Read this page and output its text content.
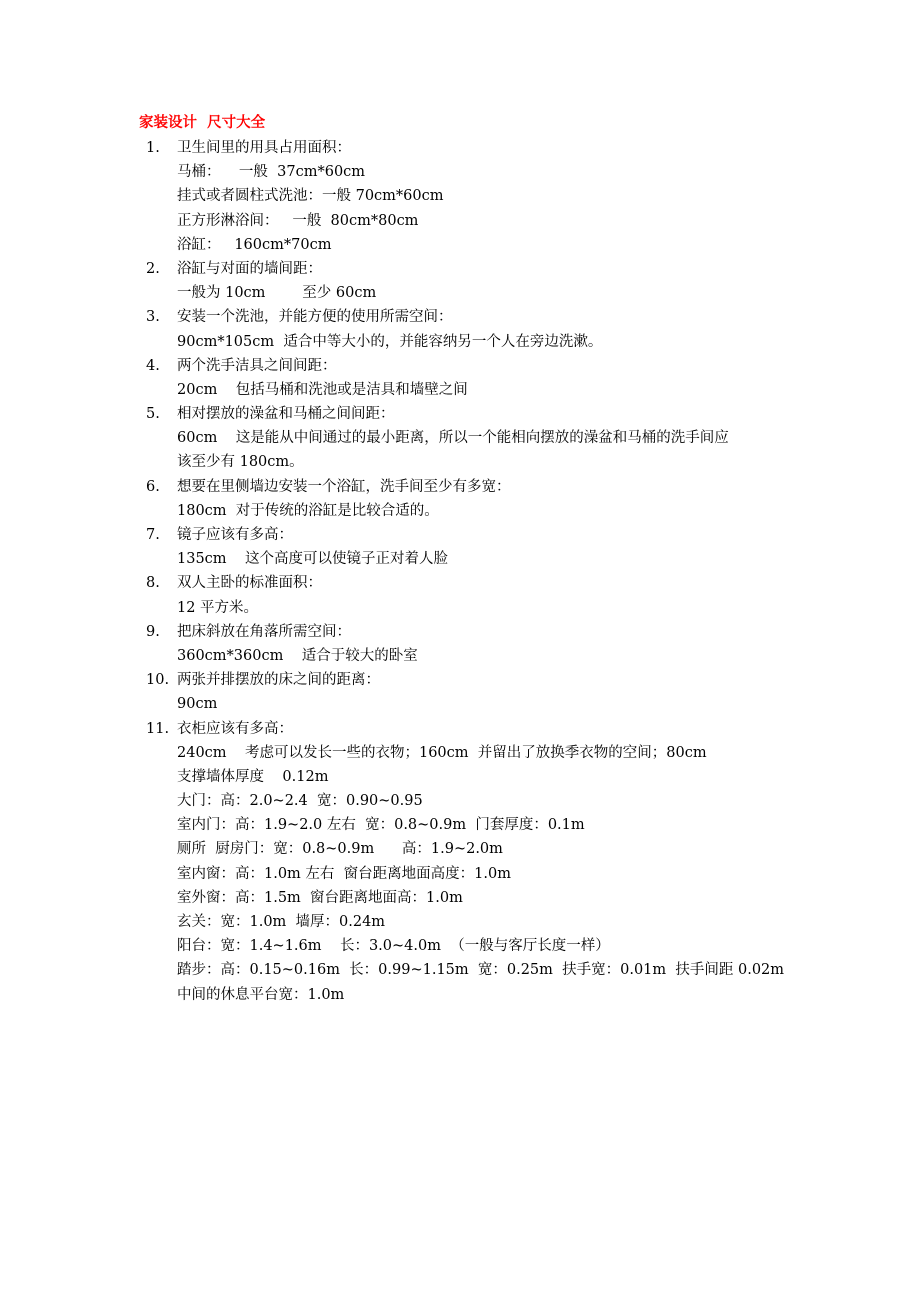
家装设计  尺寸大全
1.	卫生间里的用具占用面积：
马桶：    一般  37cm*60cm
挂式或者圆柱式洗池：一般 70cm*60cm
正方形淋浴间：   一般  80cm*80cm
浴缸：   160cm*70cm
2.	浴缸与对面的墙间距：
一般为 10cm        至少 60cm
3.	安装一个洗池，并能方便的使用所需空间：
90cm*105cm  适合中等大小的，并能容纳另一个人在旁边洗漱。
4.	两个洗手洁具之间间距：
20cm    包括马桶和洗池或是洁具和墙壁之间
5.	相对摆放的澡盆和马桶之间间距：
60cm    这是能从中间通过的最小距离，所以一个能相向摆放的澡盆和马桶的洗手间应
该至少有 180cm。
6.	想要在里侧墙边安装一个浴缸，洗手间至少有多宽：
180cm  对于传统的浴缸是比较合适的。
7.	镜子应该有多高：
135cm    这个高度可以使镜子正对着人脸
8.	双人主卧的标准面积：
12 平方米。
9.	把床斜放在角落所需空间：
360cm*360cm    适合于较大的卧室
10. 两张并排摆放的床之间的距离：
90cm
11. 衣柜应该有多高：
240cm    考虑可以发长一些的衣物；160cm  并留出了放换季衣物的空间；80cm
支撑墙体厚度    0.12m
大门：高：2.0~2.4  宽：0.90~0.95
室内门：高：1.9~2.0 左右  宽：0.8~0.9m  门套厚度：0.1m
厕所  厨房门：宽：0.8~0.9m      高：1.9~2.0m
室内窗：高：1.0m 左右  窗台距离地面高度：1.0m
室外窗：高：1.5m  窗台距离地面高：1.0m
玄关：宽：1.0m  墙厚：0.24m
阳台：宽：1.4~1.6m    长：3.0~4.0m  （一般与客厅长度一样）
踏步：高：0.15~0.16m  长：0.99~1.15m  宽：0.25m  扶手宽：0.01m  扶手间距 0.02m
中间的休息平台宽：1.0m
